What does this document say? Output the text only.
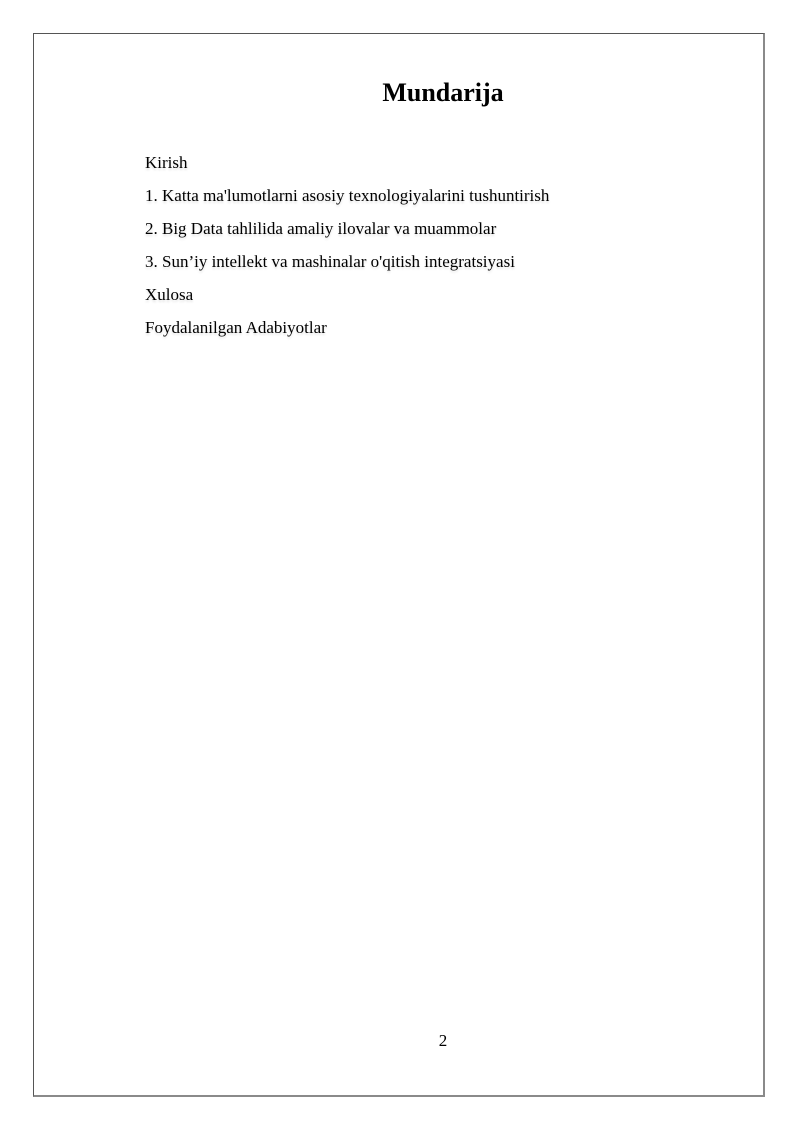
Mundarija
Kirish
1. Katta ma'lumotlarni asosiy texnologiyalarini tushuntirish
2. Big Data tahlilida amaliy ilovalar va muammolar
3. Sun’iy intellekt va mashinalar o'qitish integratsiyasi
Xulosa
Foydalanilgan Adabiyotlar
2
